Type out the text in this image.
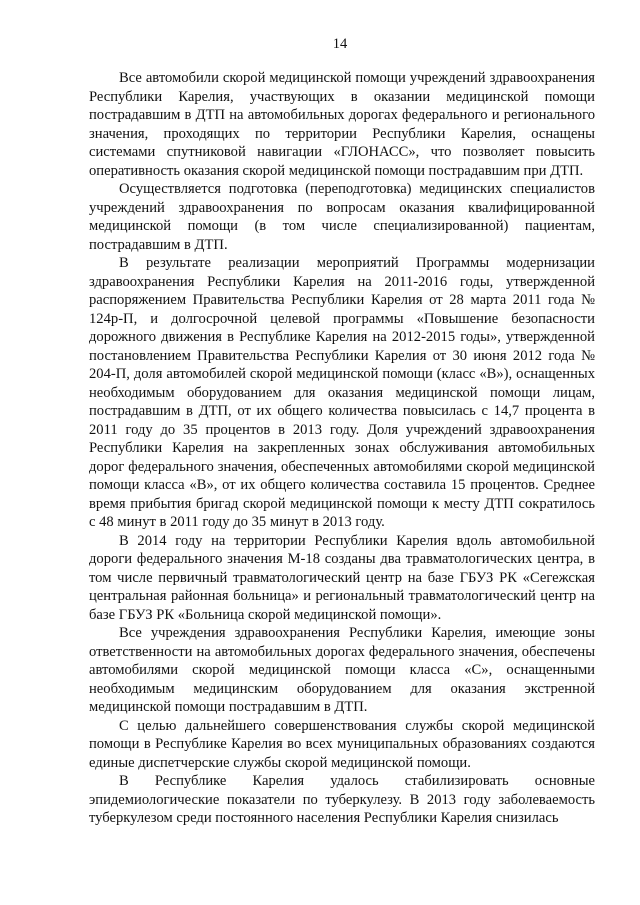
14

Все автомобили скорой медицинской помощи учреждений здравоохранения Республики Карелия, участвующих в оказании медицинской помощи пострадавшим в ДТП на автомобильных дорогах федерального и регионального значения, проходящих по территории Республики Карелия, оснащены системами спутниковой навигации «ГЛОНАСС», что позволяет повысить оперативность оказания скорой медицинской помощи пострадавшим при ДТП.

Осуществляется подготовка (переподготовка) медицинских специалистов учреждений здравоохранения по вопросам оказания квалифицированной медицинской помощи (в том числе специализированной) пациентам, пострадавшим в ДТП.

В результате реализации мероприятий Программы модернизации здравоохранения Республики Карелия на 2011-2016 годы, утвержденной распоряжением Правительства Республики Карелия от 28 марта 2011 года № 124р-П, и долгосрочной целевой программы «Повышение безопасности дорожного движения в Республике Карелия на 2012-2015 годы», утвержденной постановлением Правительства Республики Карелия от 30 июня 2012 года № 204-П, доля автомобилей скорой медицинской помощи (класс «В»), оснащенных необходимым оборудованием для оказания медицинской помощи лицам, пострадавшим в ДТП, от их общего количества повысилась с 14,7 процента в 2011 году до 35 процентов в 2013 году. Доля учреждений здравоохранения Республики Карелия на закрепленных зонах обслуживания автомобильных дорог федерального значения, обеспеченных автомобилями скорой медицинской помощи класса «В», от их общего количества составила 15 процентов. Среднее время прибытия бригад скорой медицинской помощи к месту ДТП сократилось с 48 минут в 2011 году до 35 минут в 2013 году.

В 2014 году на территории Республики Карелия вдоль автомобильной дороги федерального значения М-18 созданы два травматологических центра, в том числе первичный травматологический центр на базе ГБУЗ РК «Сегежская центральная районная больница» и региональный травматологический центр на базе ГБУЗ РК «Больница скорой медицинской помощи».

Все учреждения здравоохранения Республики Карелия, имеющие зоны ответственности на автомобильных дорогах федерального значения, обеспечены автомобилями скорой медицинской помощи класса «С», оснащенными необходимым медицинским оборудованием для оказания экстренной медицинской помощи пострадавшим в ДТП.

С целью дальнейшего совершенствования службы скорой медицинской помощи в Республике Карелия во всех муниципальных образованиях создаются единые диспетчерские службы скорой медицинской помощи.

В Республике Карелия удалось стабилизировать основные эпидемиологические показатели по туберкулезу. В 2013 году заболеваемость туберкулезом среди постоянного населения Республики Карелия снизилась
